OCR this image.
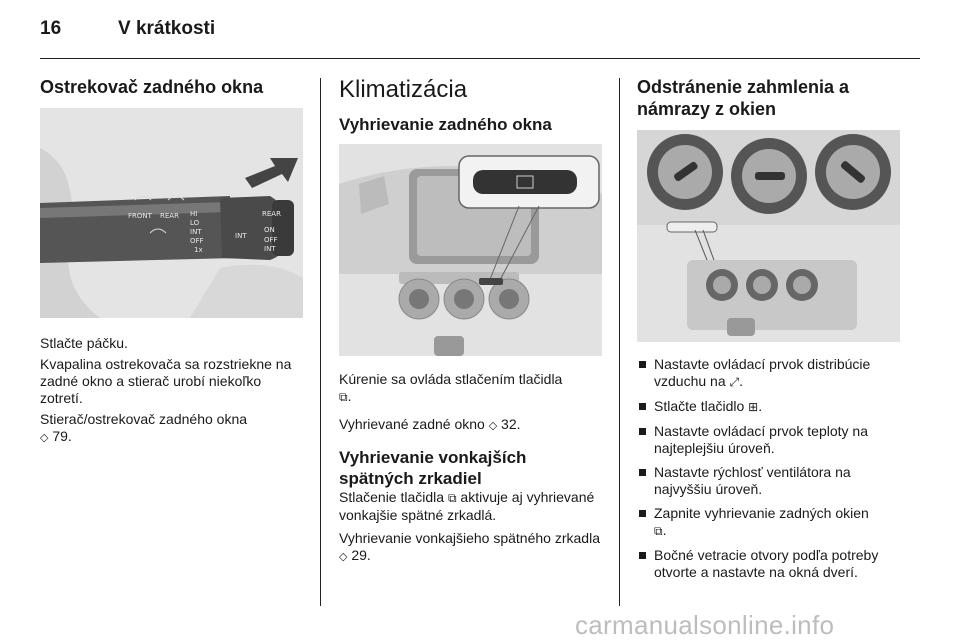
16	V krátkosti
Ostrekovač zadného okna
FRONT REAR HI
LO
INT
OFF
1x
INT
REAR
ON
OFF
INT

Stlačte páčku.

Kvapalina ostrekovača sa rozstriekne na zadné okno a stierač urobí niekoľko zotretí.

Stierač/ostrekovač zadného okna
◇ 79.

Klimatizácia
Vyhrievanie zadného okna

Kúrenie sa ovláda stlačením tlačidla
⧉.

Vyhrievané zadné okno ◇ 32.

Vyhrievanie vonkajších
spätných zrkadiel

Stlačenie tlačidla ⧉ aktivuje aj vyhrievané vonkajšie spätné zrkadlá.

Vyhrievanie vonkajšieho spätného zrkadla ◇ 29.

Odstránenie zahmlenia a
námrazy z okien
Nastavte ovládací prvok distribúcie vzduchu na ⤢.
Stlačte tlačidlo ⊞.
Nastavte ovládací prvok teploty na najteplejšiu úroveň.
Nastavte rýchlosť ventilátora na najvyššiu úroveň.
Zapnite vyhrievanie zadných okien
⧉.
Bočné vetracie otvory podľa potreby otvorte a nastavte na okná dverí.
carmanualsonline.info
